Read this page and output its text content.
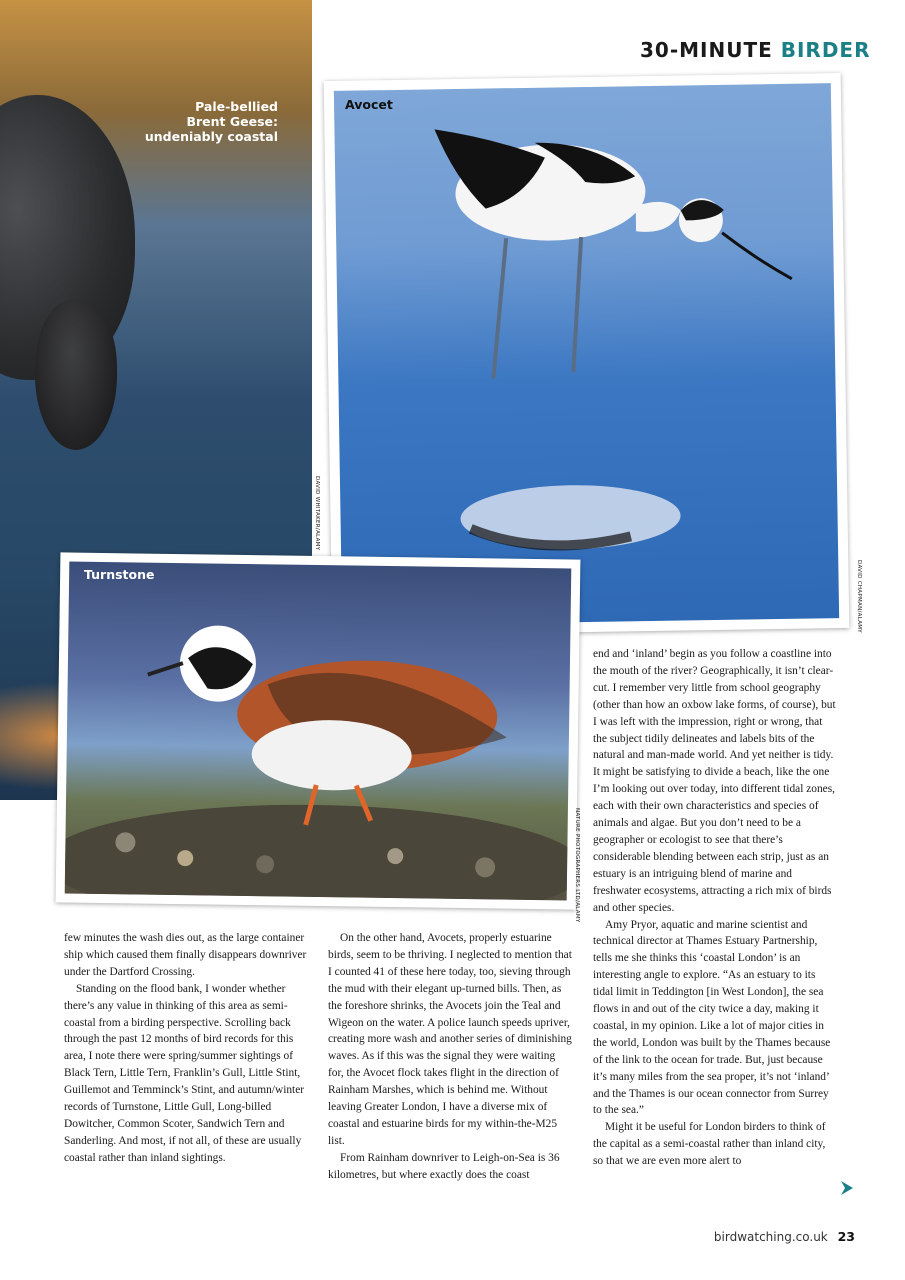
30-MINUTE BIRDER
Pale-bellied
Brent Geese:
undeniably coastal
DAVID WHITAKER/ALAMY
Avocet
DAVID CHAPMAN/ALAMY
Turnstone
NATURE PHOTOGRAPHERS LTD/ALAMY

few minutes the wash dies out, as the large container ship which caused them finally disappears downriver under the Dartford Crossing.

Standing on the flood bank, I wonder whether there’s any value in thinking of this area as semi-coastal from a birding perspective. Scrolling back through the past 12 months of bird records for this area, I note there were spring/summer sightings of Black Tern, Little Tern, Franklin’s Gull, Little Stint, Guillemot and Temminck’s Stint, and autumn/winter records of Turnstone, Little Gull, Long-billed Dowitcher, Common Scoter, Sandwich Tern and Sanderling. And most, if not all, of these are usually coastal rather than inland sightings.

On the other hand, Avocets, properly estuarine birds, seem to be thriving. I neglected to mention that I counted 41 of these here today, too, sieving through the mud with their elegant up-turned bills. Then, as the foreshore shrinks, the Avocets join the Teal and Wigeon on the water. A police launch speeds upriver, creating more wash and another series of diminishing waves. As if this was the signal they were waiting for, the Avocet flock takes flight in the direction of Rainham Marshes, which is behind me. Without leaving Greater London, I have a diverse mix of coastal and estuarine birds for my within-the-M25 list.

From Rainham downriver to Leigh-on-Sea is 36 kilometres, but where exactly does the coast

end and ‘inland’ begin as you follow a coastline into the mouth of the river? Geographically, it isn’t clear-cut. I remember very little from school geography (other than how an oxbow lake forms, of course), but I was left with the impression, right or wrong, that the subject tidily delineates and labels bits of the natural and man-made world. And yet neither is tidy. It might be satisfying to divide a beach, like the one I’m looking out over today, into different tidal zones, each with their own characteristics and species of animals and algae. But you don’t need to be a geographer or ecologist to see that there’s considerable blending between each strip, just as an estuary is an intriguing blend of marine and freshwater ecosystems, attracting a rich mix of birds and other species.

Amy Pryor, aquatic and marine scientist and technical director at Thames Estuary Partnership, tells me she thinks this ‘coastal London’ is an interesting angle to explore. “As an estuary to its tidal limit in Teddington [in West London], the sea flows in and out of the city twice a day, making it coastal, in my opinion. Like a lot of major cities in the world, London was built by the Thames because of the link to the ocean for trade. But, just because it’s many miles from the sea proper, it’s not ‘inland’ and the Thames is our ocean connector from Surrey to the sea.”

Might it be useful for London birders to think of the capital as a semi-coastal rather than inland city, so that we are even more alert to

birdwatching.co.uk 23
